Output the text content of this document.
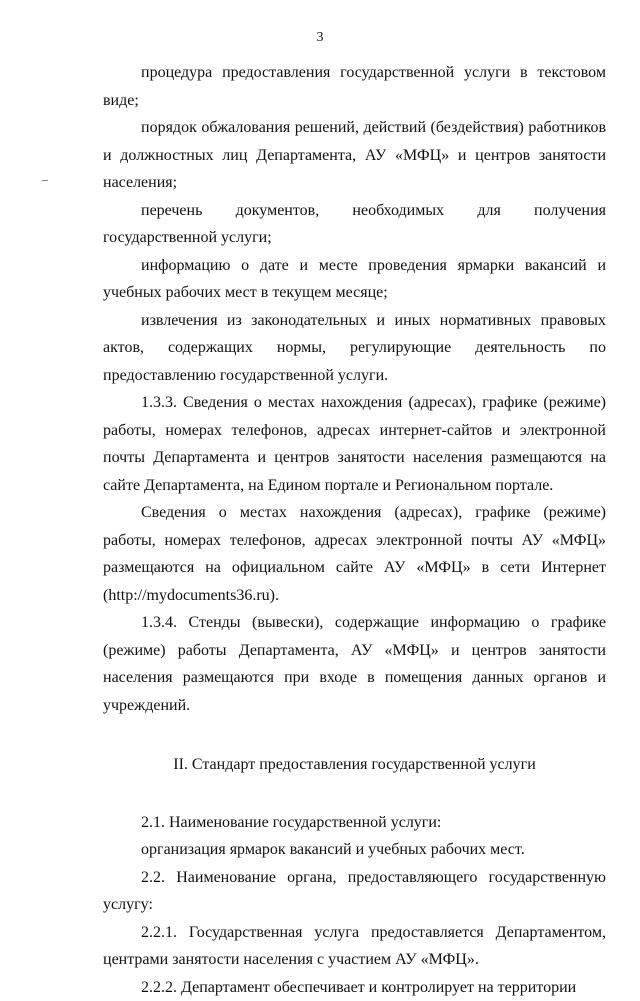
3

процедура предоставления государственной услуги в текстовом виде;

порядок обжалования решений, действий (бездействия) работников и должностных лиц Департамента, АУ «МФЦ» и центров занятости населения;

перечень документов, необходимых для получения государственной услуги;

информацию о дате и месте проведения ярмарки вакансий и учебных рабочих мест в текущем месяце;

извлечения из законодательных и иных нормативных правовых актов, содержащих нормы, регулирующие деятельность по предоставлению государственной услуги.

1.3.3. Сведения о местах нахождения (адресах), графике (режиме) работы, номерах телефонов, адресах интернет-сайтов и электронной почты Департамента и центров занятости населения размещаются на сайте Департамента, на Едином портале и Региональном портале.

Сведения о местах нахождения (адресах), графике (режиме) работы, номерах телефонов, адресах электронной почты АУ «МФЦ» размещаются на официальном сайте АУ «МФЦ» в сети Интернет (http://mydocuments36.ru).

1.3.4. Стенды (вывески), содержащие информацию о графике (режиме) работы Департамента, АУ «МФЦ» и центров занятости населения размещаются при входе в помещения данных органов и учреждений.

II. Стандарт предоставления государственной услуги

2.1. Наименование государственной услуги:

организация ярмарок вакансий и учебных рабочих мест.

2.2. Наименование органа, предоставляющего государственную услугу:

2.2.1. Государственная услуга предоставляется Департаментом, центрами занятости населения с участием АУ «МФЦ».

2.2.2. Департамент обеспечивает и контролирует на территории
